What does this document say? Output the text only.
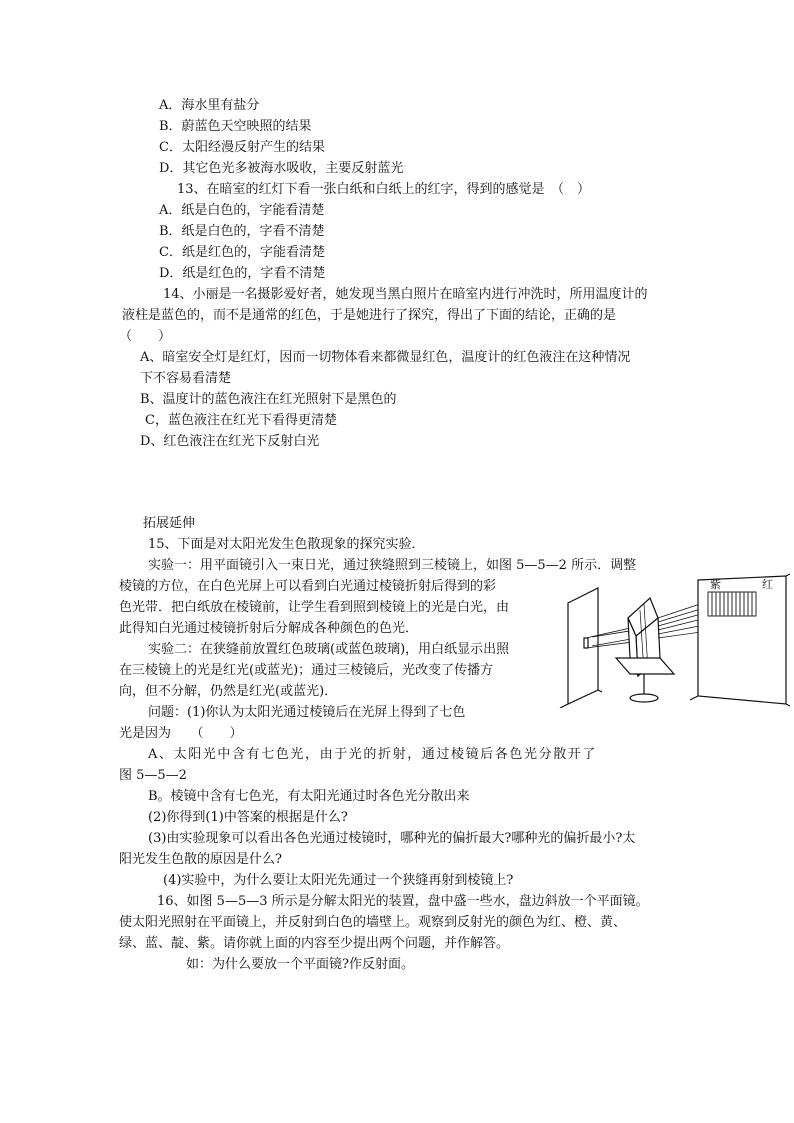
A．海水里有盐分
B．蔚蓝色天空映照的结果
C．太阳经漫反射产生的结果
D．其它色光多被海水吸收，主要反射蓝光
13、在暗室的红灯下看一张白纸和白纸上的红字，得到的感觉是　（　）
A．纸是白色的，字能看清楚
B．纸是白色的，字看不清楚
C．纸是红色的，字能看清楚
D．纸是红色的，字看不清楚
14、小丽是一名摄影爱好者，她发现当黑白照片在暗室内进行冲洗时，所用温度计的
液柱是蓝色的，而不是通常的红色，于是她进行了探究，得出了下面的结论，正确的是
（　　）
A、暗室安全灯是红灯，因而一切物体看来都微显红色，温度计的红色液注在这种情况
下不容易看清楚
B、温度计的蓝色液注在红光照射下是黑色的
C，蓝色液注在红光下看得更清楚
D、红色液注在红光下反射白光
拓展延伸
15、下面是对太阳光发生色散现象的探究实验．
实验一：用平面镜引入一束日光，通过狭缝照到三棱镜上，如图 5—5—2 所示．调整
棱镜的方位，在白色光屏上可以看到白光通过棱镜折射后得到的彩
色光带．把白纸放在棱镜前，让学生看到照到棱镜上的光是白光，由
此得知白光通过棱镜折射后分解成各种颜色的色光．
实验二：在狭缝前放置红色玻璃(或蓝色玻璃)，用白纸显示出照
在三棱镜上的光是红光(或蓝光)；通过三棱镜后，光改变了传播方
向，但不分解，仍然是红光(或蓝光)．
问题：(1)你认为太阳光通过棱镜后在光屏上得到了七色
光是因为　　（　　）
A、太阳光中含有七色光，由于光的折射，通过棱镜后各色光分散开了
图 5—5—2
B。棱镜中含有七色光，有太阳光通过时各色光分散出来
(2)你得到(1)中答案的根据是什么?
(3)由实验现象可以看出各色光通过棱镜时，哪种光的偏折最大?哪种光的偏折最小?太
阳光发生色散的原因是什么?
(4)实验中，为什么要让太阳光先通过一个狭缝再射到棱镜上?
16、如图 5—5—3 所示是分解太阳光的装置，盘中盛一些水，盘边斜放一个平面镜。
使太阳光照射在平面镜上，并反射到白色的墙壁上。观察到反射光的颜色为红、橙、黄、
绿、蓝、靛、紫。请你就上面的内容至少提出两个问题，并作解答。
如：为什么要放一个平面镜?作反射面。
紫	红
